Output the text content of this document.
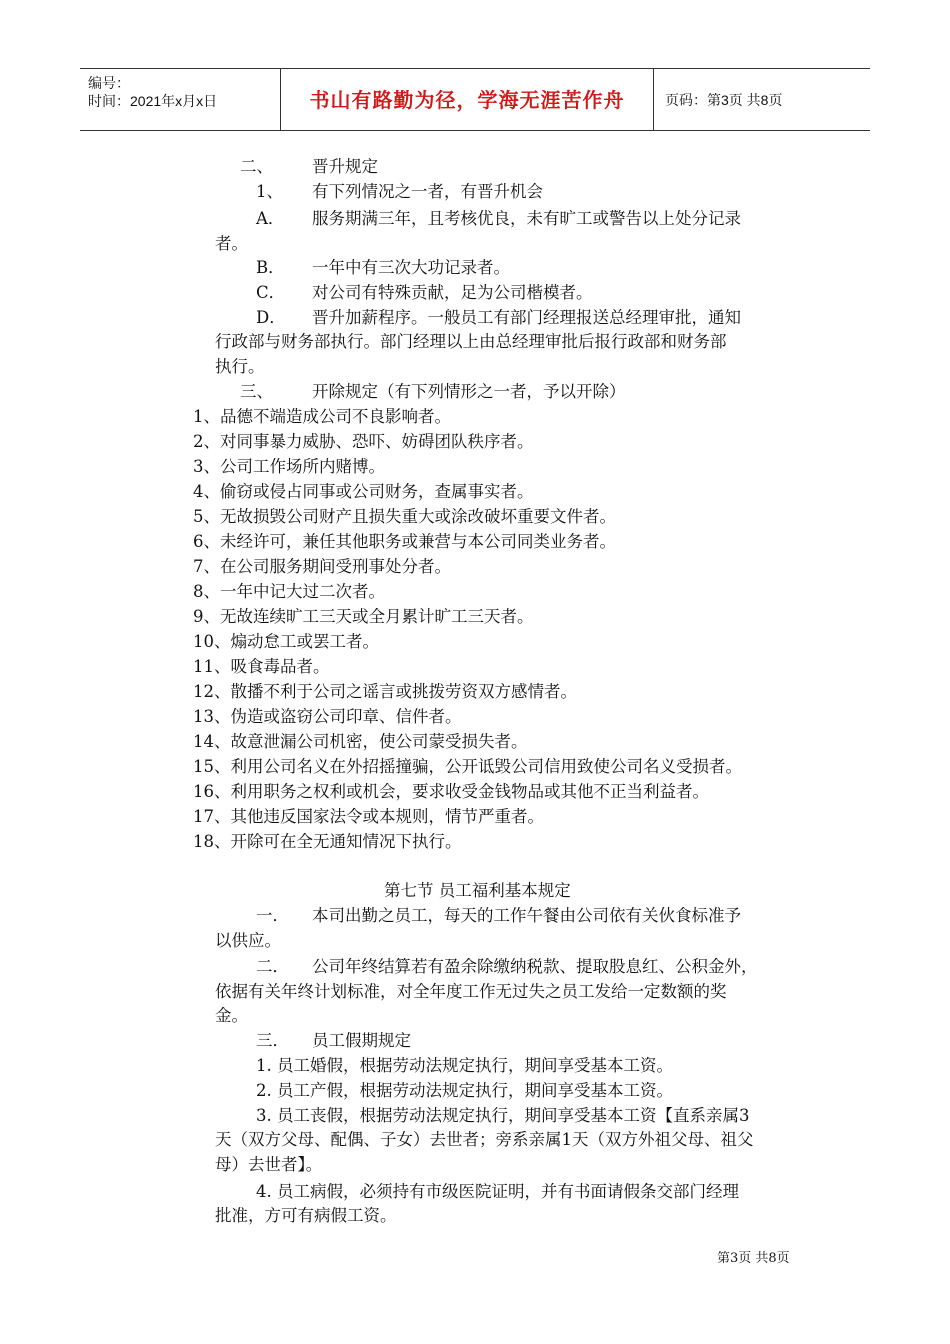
编号：
时间：2021年x月x日	书山有路勤为径，学海无涯苦作舟	页码：第3页 共8页
二、 晋升规定
1、 有下列情况之一者，有晋升机会
A． 服务期满三年，且考核优良，未有旷工或警告以上处分记录
者。
B． 一年中有三次大功记录者。
C． 对公司有特殊贡献，足为公司楷模者。
D． 晋升加薪程序。一般员工有部门经理报送总经理审批，通知
行政部与财务部执行。部门经理以上由总经理审批后报行政部和财务部
执行。
三、 开除规定（有下列情形之一者，予以开除）
1、品德不端造成公司不良影响者。
2、对同事暴力威胁、恐吓、妨碍团队秩序者。
3、公司工作场所内赌博。
4、偷窃或侵占同事或公司财务，查属事实者。
5、无故损毁公司财产且损失重大或涂改破坏重要文件者。
6、未经许可，兼任其他职务或兼营与本公司同类业务者。
7、在公司服务期间受刑事处分者。
8、一年中记大过二次者。
9、无故连续旷工三天或全月累计旷工三天者。
10、煽动怠工或罢工者。
11、吸食毒品者。
12、散播不利于公司之谣言或挑拨劳资双方感情者。
13、伪造或盗窃公司印章、信件者。
14、故意泄漏公司机密，使公司蒙受损失者。
15、利用公司名义在外招摇撞骗，公开诋毁公司信用致使公司名义受损者。
16、利用职务之权利或机会，要求收受金钱物品或其他不正当利益者。
17、其他违反国家法令或本规则，情节严重者。
18、开除可在全无通知情况下执行。
第七节 员工福利基本规定
一． 本司出勤之员工，每天的工作午餐由公司依有关伙食标准予
以供应。
二． 公司年终结算若有盈余除缴纳税款、提取股息红、公积金外，
依据有关年终计划标准，对全年度工作无过失之员工发给一定数额的奖
金。
三． 员工假期规定
1. 员工婚假，根据劳动法规定执行，期间享受基本工资。
2. 员工产假，根据劳动法规定执行，期间享受基本工资。
3. 员工丧假，根据劳动法规定执行，期间享受基本工资【直系亲属3
天（双方父母、配偶、子女）去世者；旁系亲属1天（双方外祖父母、祖父
母）去世者】。
4. 员工病假，必须持有市级医院证明，并有书面请假条交部门经理
批准，方可有病假工资。
第3页 共8页
